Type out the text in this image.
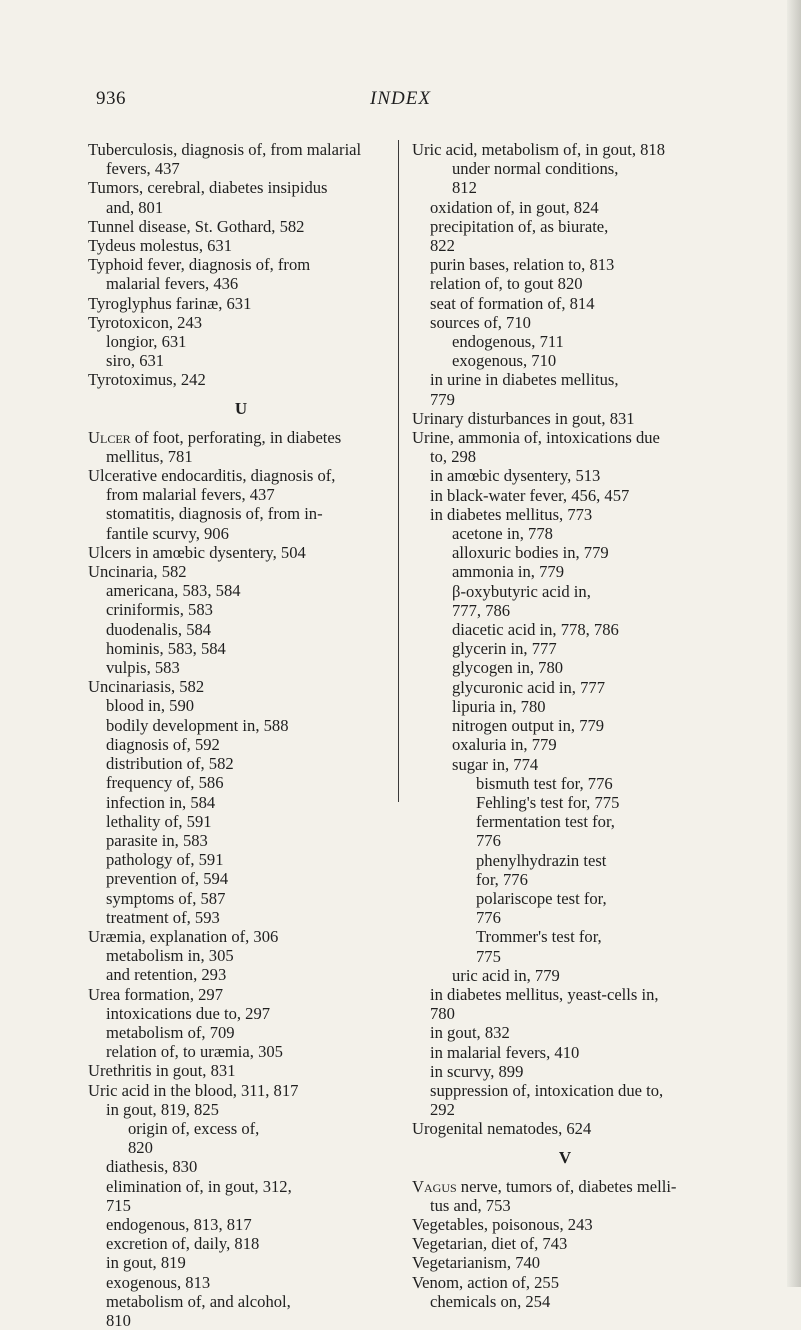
936	INDEX
Tuberculosis, diagnosis of, from malarial
fevers, 437
Tumors, cerebral, diabetes insipidus
and, 801
Tunnel disease, St. Gothard, 582
Tydeus molestus, 631
Typhoid fever, diagnosis of, from
malarial fevers, 436
Tyroglyphus farinæ, 631
Tyrotoxicon, 243
longior, 631
siro, 631
Tyrotoximus, 242
U
Ulcer of foot, perforating, in diabetes
mellitus, 781
Ulcerative endocarditis, diagnosis of,
from malarial fevers, 437
stomatitis, diagnosis of, from in-
fantile scurvy, 906
Ulcers in amœbic dysentery, 504
Uncinaria, 582
americana, 583, 584
criniformis, 583
duodenalis, 584
hominis, 583, 584
vulpis, 583
Uncinariasis, 582
blood in, 590
bodily development in, 588
diagnosis of, 592
distribution of, 582
frequency of, 586
infection in, 584
lethality of, 591
parasite in, 583
pathology of, 591
prevention of, 594
symptoms of, 587
treatment of, 593
Uræmia, explanation of, 306
metabolism in, 305
and retention, 293
Urea formation, 297
intoxications due to, 297
metabolism of, 709
relation of, to uræmia, 305
Urethritis in gout, 831
Uric acid in the blood, 311, 817
in gout, 819, 825
origin of, excess of,
820
diathesis, 830
elimination of, in gout, 312,
715
endogenous, 813, 817
excretion of, daily, 818
in gout, 819
exogenous, 813
metabolism of, and alcohol,
810
Uric acid, metabolism of, in gout, 818
under normal conditions,
812
oxidation of, in gout, 824
precipitation of, as biurate,
822
purin bases, relation to, 813
relation of, to gout 820
seat of formation of, 814
sources of, 710
endogenous, 711
exogenous, 710
in urine in diabetes mellitus,
779
Urinary disturbances in gout, 831
Urine, ammonia of, intoxications due
to, 298
in amœbic dysentery, 513
in black-water fever, 456, 457
in diabetes mellitus, 773
acetone in, 778
alloxuric bodies in, 779
ammonia in, 779
β-oxybutyric acid in,
777, 786
diacetic acid in, 778, 786
glycerin in, 777
glycogen in, 780
glycuronic acid in, 777
lipuria in, 780
nitrogen output in, 779
oxaluria in, 779
sugar in, 774
bismuth test for, 776
Fehling's test for, 775
fermentation test for,
776
phenylhydrazin test
for, 776
polariscope test for,
776
Trommer's test for,
775
uric acid in, 779
in diabetes mellitus, yeast-cells in,
780
in gout, 832
in malarial fevers, 410
in scurvy, 899
suppression of, intoxication due to,
292
Urogenital nematodes, 624
V
Vagus nerve, tumors of, diabetes melli-
tus and, 753
Vegetables, poisonous, 243
Vegetarian, diet of, 743
Vegetarianism, 740
Venom, action of, 255
chemicals on, 254
